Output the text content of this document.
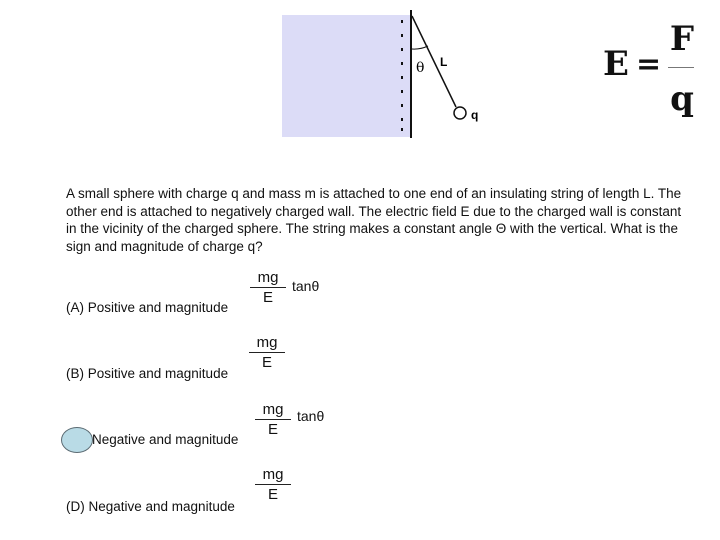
θ L
q
E =
F
q

A small sphere with charge q and mass m is attached to one end of an insulating string of length L. The other end is attached to negatively charged wall. The electric field E due to the charged wall is constant in the vicinity of the charged sphere. The string makes a constant angle Θ with the vertical. What is the sign and magnitude of charge q?

mg
E
tanθ
(A) Positive and magnitude
mg
E
(B) Positive and magnitude
mg
E
tanθ
Negative and magnitude
mg
E
(D) Negative and magnitude
